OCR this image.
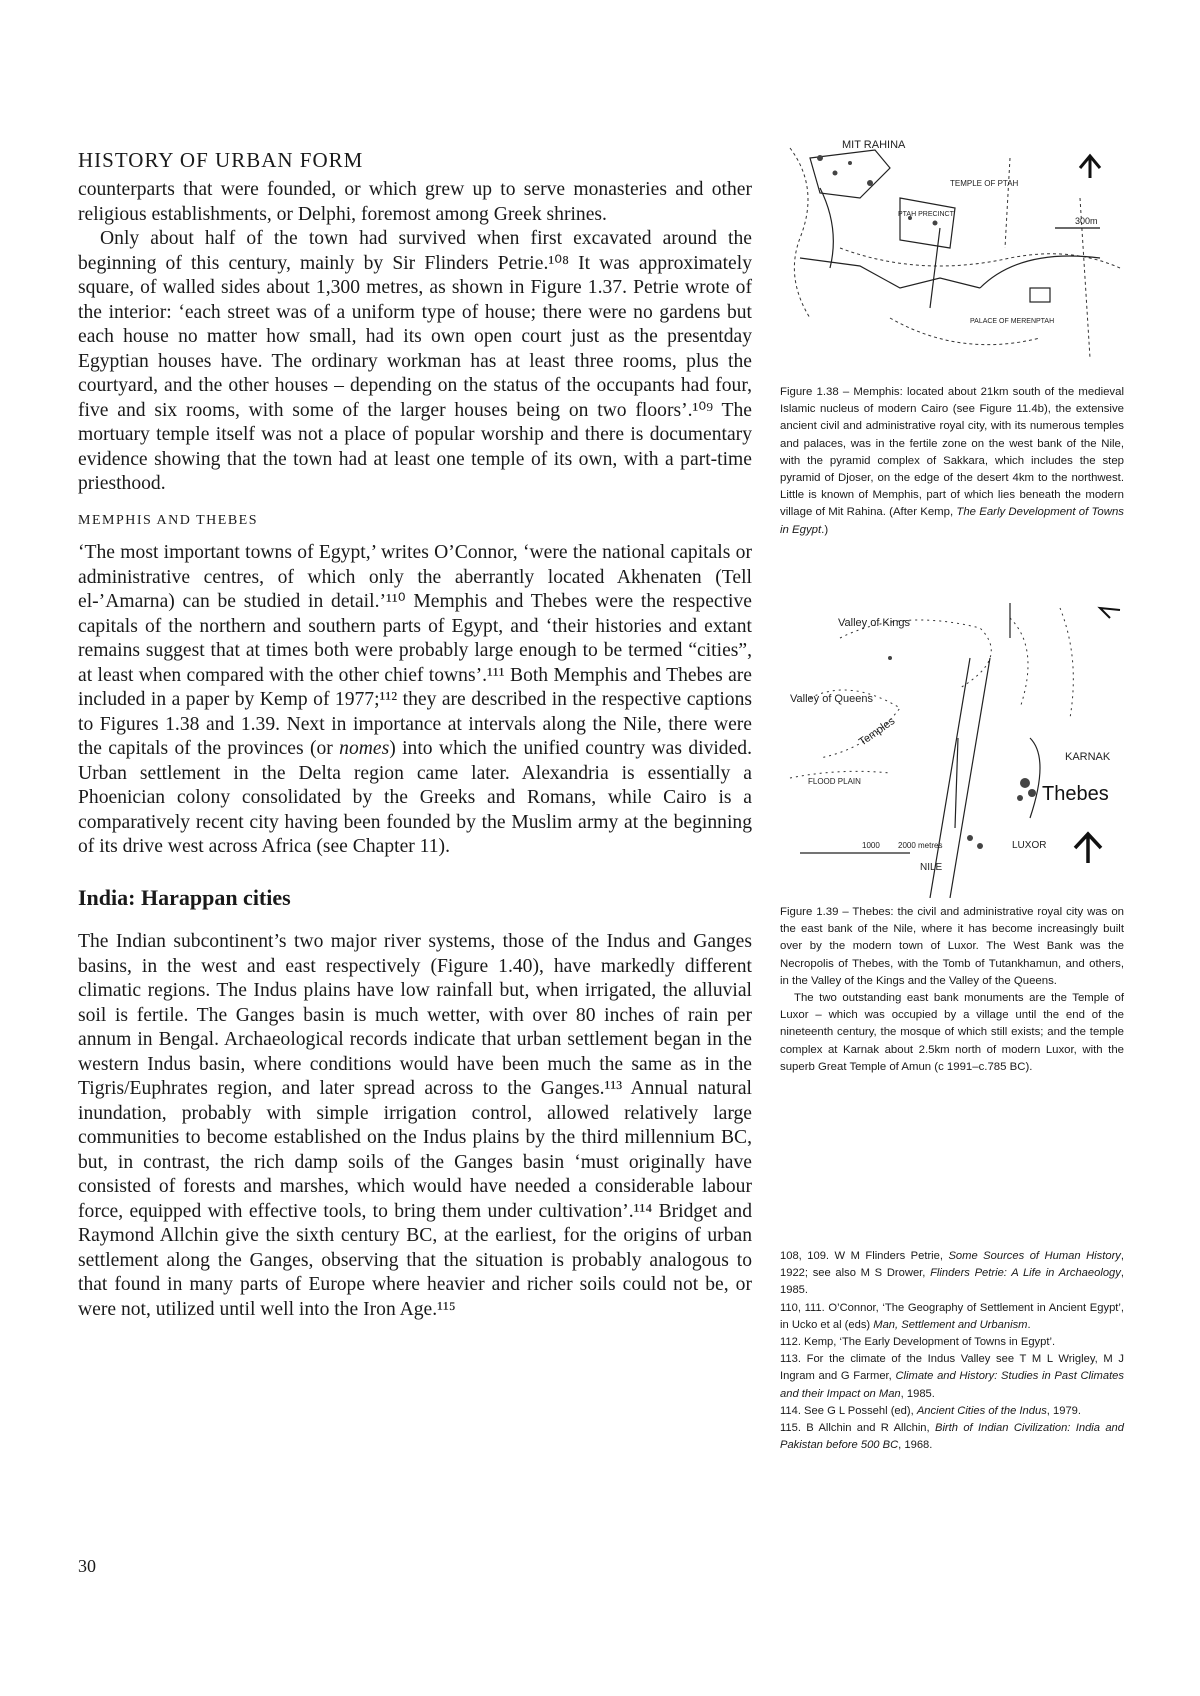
HISTORY OF URBAN FORM

counterparts that were founded, or which grew up to serve monasteries and other religious establishments, or Delphi, foremost among Greek shrines.

Only about half of the town had survived when first excavated around the beginning of this century, mainly by Sir Flinders Petrie.¹⁰⁸ It was approximately square, of walled sides about 1,300 metres, as shown in Figure 1.37. Petrie wrote of the interior: ‘each street was of a uniform type of house; there were no gardens but each house no matter how small, had its own open court just as the presentday Egyptian houses have. The ordinary workman has at least three rooms, plus the courtyard, and the other houses – depending on the status of the occupants had four, five and six rooms, with some of the larger houses being on two floors’.¹⁰⁹ The mortuary temple itself was not a place of popular worship and there is documentary evidence showing that the town had at least one temple of its own, with a part-time priesthood.

MEMPHIS AND THEBES

‘The most important towns of Egypt,’ writes O’Connor, ‘were the national capitals or administrative centres, of which only the aberrantly located Akhenaten (Tell el-’Amarna) can be studied in detail.’¹¹⁰ Memphis and Thebes were the respective capitals of the northern and southern parts of Egypt, and ‘their histories and extant remains suggest that at times both were probably large enough to be termed “cities”, at least when compared with the other chief towns’.¹¹¹ Both Memphis and Thebes are included in a paper by Kemp of 1977;¹¹² they are described in the respective captions to Figures 1.38 and 1.39. Next in importance at intervals along the Nile, there were the capitals of the provinces (or nomes) into which the unified country was divided. Urban settlement in the Delta region came later. Alexandria is essentially a Phoenician colony consolidated by the Greeks and Romans, while Cairo is a comparatively recent city having been founded by the Muslim army at the beginning of its drive west across Africa (see Chapter 11).

India: Harappan cities

The Indian subcontinent’s two major river systems, those of the Indus and Ganges basins, in the west and east respectively (Figure 1.40), have markedly different climatic regions. The Indus plains have low rainfall but, when irrigated, the alluvial soil is fertile. The Ganges basin is much wetter, with over 80 inches of rain per annum in Bengal. Archaeological records indicate that urban settlement began in the western Indus basin, where conditions would have been much the same as in the Tigris/Euphrates region, and later spread across to the Ganges.¹¹³ Annual natural inundation, probably with simple irrigation control, allowed relatively large communities to become established on the Indus plains by the third millennium BC, but, in contrast, the rich damp soils of the Ganges basin ‘must originally have consisted of forests and marshes, which would have needed a considerable labour force, equipped with effective tools, to bring them under cultivation’.¹¹⁴ Bridget and Raymond Allchin give the sixth century BC, at the earliest, for the origins of urban settlement along the Ganges, observing that the situation is probably analogous to that found in many parts of Europe where heavier and richer soils could not be, or were not, utilized until well into the Iron Age.¹¹⁵

30
MIT RAHINA
TEMPLE OF PTAH
PTAH PRECINCT
300m
PALACE OF MERENPTAH

Figure 1.38 – Memphis: located about 21km south of the medieval Islamic nucleus of modern Cairo (see Figure 11.4b), the extensive ancient civil and administrative royal city, with its numerous temples and palaces, was in the fertile zone on the west bank of the Nile, with the pyramid complex of Sakkara, which includes the step pyramid of Djoser, on the edge of the desert 4km to the northwest. Little is known of Memphis, part of which lies beneath the modern village of Mit Rahina. (After Kemp, The Early Development of Towns in Egypt.)

Valley of Kings
Valley of Queens
Temples
KARNAK
Thebes
FLOOD PLAIN
1000 2000 metres
NILE
LUXOR

Figure 1.39 – Thebes: the civil and administrative royal city was on the east bank of the Nile, where it has become increasingly built over by the modern town of Luxor. The West Bank was the Necropolis of Thebes, with the Tomb of Tutankhamun, and others, in the Valley of the Kings and the Valley of the Queens.

The two outstanding east bank monuments are the Temple of Luxor – which was occupied by a village until the end of the nineteenth century, the mosque of which still exists; and the temple complex at Karnak about 2.5km north of modern Luxor, with the superb Great Temple of Amun (c 1991–c.785 BC).

108, 109. W M Flinders Petrie, Some Sources of Human History, 1922; see also M S Drower, Flinders Petrie: A Life in Archaeology, 1985.

110, 111. O’Connor, ‘The Geography of Settlement in Ancient Egypt’, in Ucko et al (eds) Man, Settlement and Urbanism.

112. Kemp, ‘The Early Development of Towns in Egypt’.

113. For the climate of the Indus Valley see T M L Wrigley, M J Ingram and G Farmer, Climate and History: Studies in Past Climates and their Impact on Man, 1985.

114. See G L Possehl (ed), Ancient Cities of the Indus, 1979.

115. B Allchin and R Allchin, Birth of Indian Civilization: India and Pakistan before 500 BC, 1968.
